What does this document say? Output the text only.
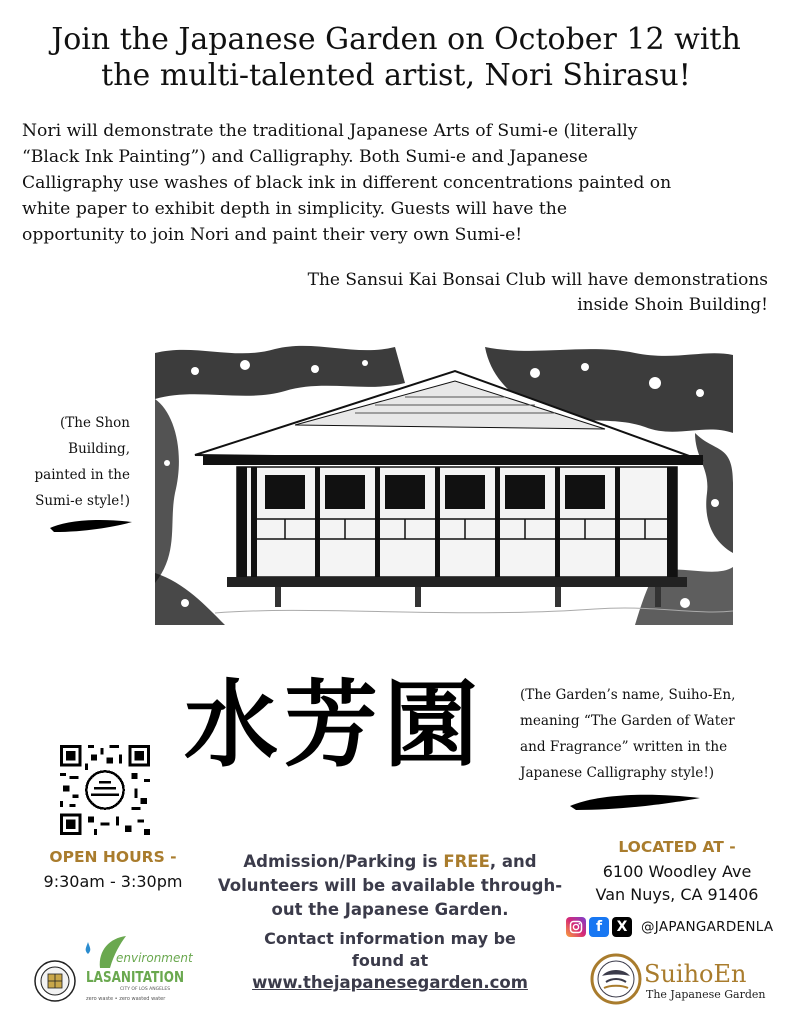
Join the Japanese Garden on October 12 with
the multi-talented artist, Nori Shirasu!
Nori will demonstrate the traditional Japanese Arts of Sumi-e (literally
“Black Ink Painting”) and Calligraphy. Both Sumi-e and Japanese
Calligraphy use washes of black ink in different concentrations painted on
white paper to exhibit depth in simplicity. Guests will have the
opportunity to join Nori and paint their very own Sumi-e!
The Sansui Kai Bonsai Club will have demonstrations
inside Shoin Building!
(The Shon
Building,
painted in the
Sumi-e style!)
水芳園	(The Garden’s name, Suiho-En,
meaning “The Garden of Water
and Fragrance” written in the
Japanese Calligraphy style!)
OPEN HOURS -
9:30am - 3:30pm
Admission/Parking is FREE, and
Volunteers will be available through-
out the Japanese Garden.
Contact information may be
found at
www.thejapanesegarden.com
LOCATED AT -
6100 Woodley Ave
Van Nuys, CA 91406
f	X	@JAPANGARDENLA
environment
LASANITATION
CITY OF LOS ANGELES
zero waste • zero wasted water
SuihoEn
The Japanese Garden
